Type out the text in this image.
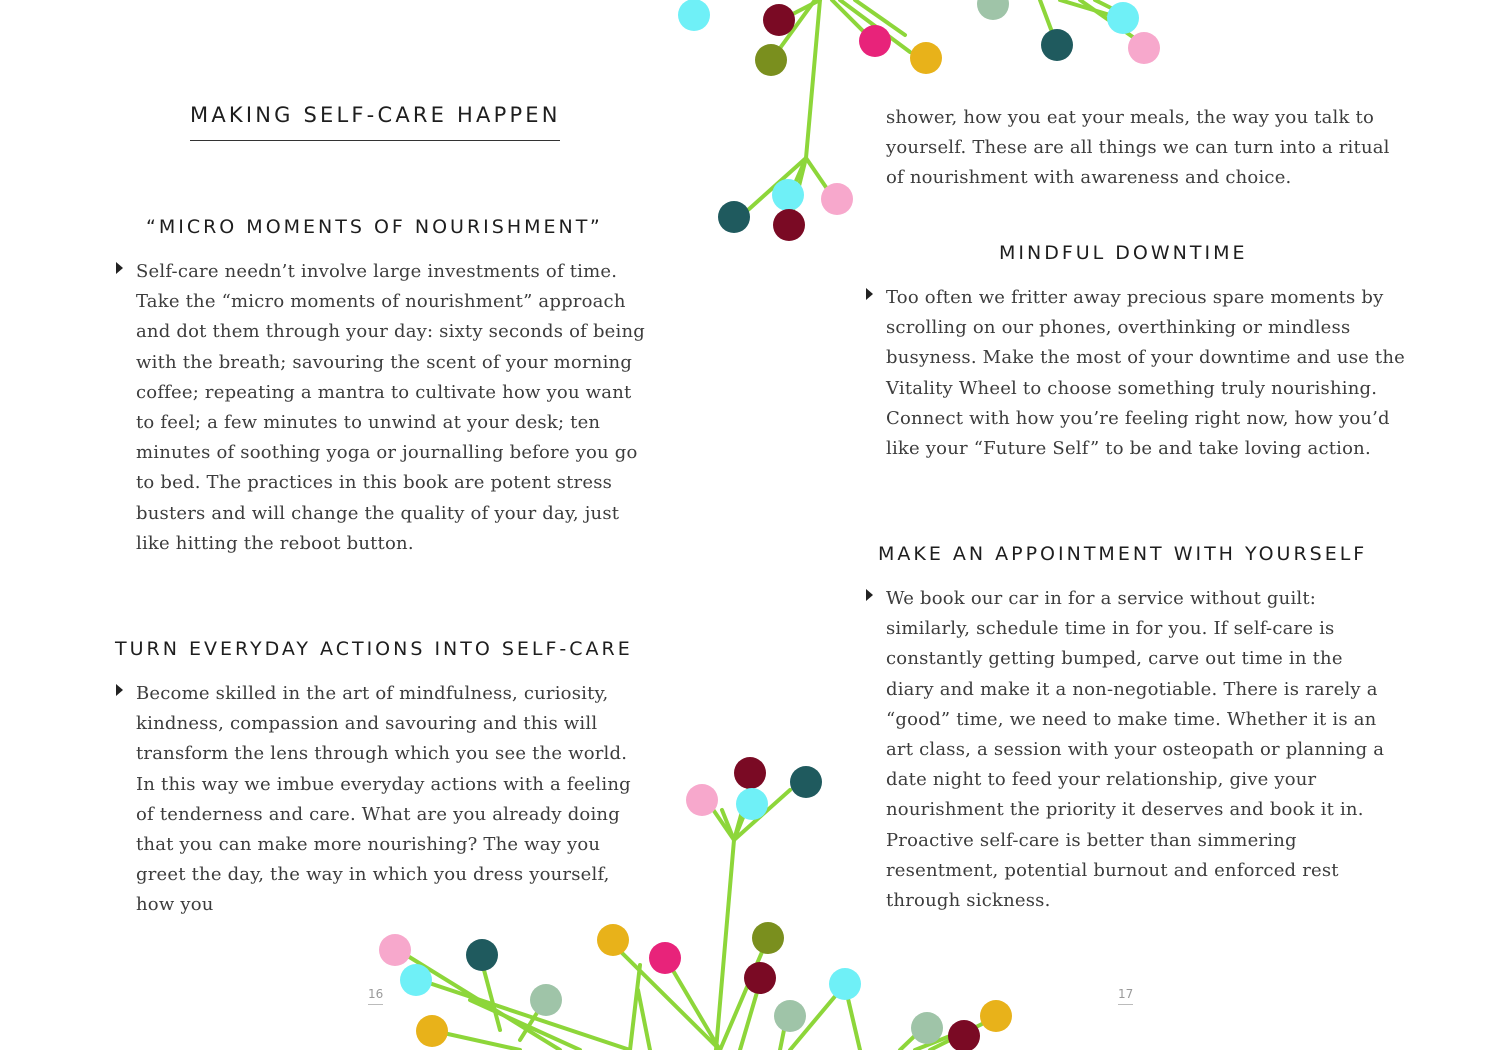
MAKING SELF-CARE HAPPEN
“MICRO MOMENTS OF NOURISHMENT”

Self-care needn’t involve large investments of time. Take the “micro moments of nourishment” approach and dot them through your day: sixty seconds of being with the breath; savouring the scent of your morning coffee; repeating a mantra to cultivate how you want to feel; a few minutes to unwind at your desk; ten minutes of soothing yoga or journalling before you go to bed. The practices in this book are potent stress busters and will change the quality of your day, just like hitting the reboot button.

TURN EVERYDAY ACTIONS INTO SELF-CARE

Become skilled in the art of mindfulness, curiosity, kindness, compassion and savouring and this will transform the lens through which you see the world. In this way we imbue everyday actions with a feeling of tenderness and care. What are you already doing that you can make more nourishing? The way you greet the day, the way in which you dress yourself, how you

16

shower, how you eat your meals, the way you talk to yourself. These are all things we can turn into a ritual of nourishment with awareness and choice.

MINDFUL DOWNTIME

Too often we fritter away precious spare moments by scrolling on our phones, overthinking or mindless busyness. Make the most of your downtime and use the Vitality Wheel to choose something truly nourishing. Connect with how you’re feeling right now, how you’d like your “Future Self” to be and take loving action.

MAKE AN APPOINTMENT WITH YOURSELF

We book our car in for a service without guilt: similarly, schedule time in for you. If self-care is constantly getting bumped, carve out time in the diary and make it a non-negotiable. There is rarely a “good” time, we need to make time. Whether it is an art class, a session with your osteopath or planning a date night to feed your relationship, give your nourishment the priority it deserves and book it in. Proactive self-care is better than simmering resentment, potential burnout and enforced rest through sickness.

17
